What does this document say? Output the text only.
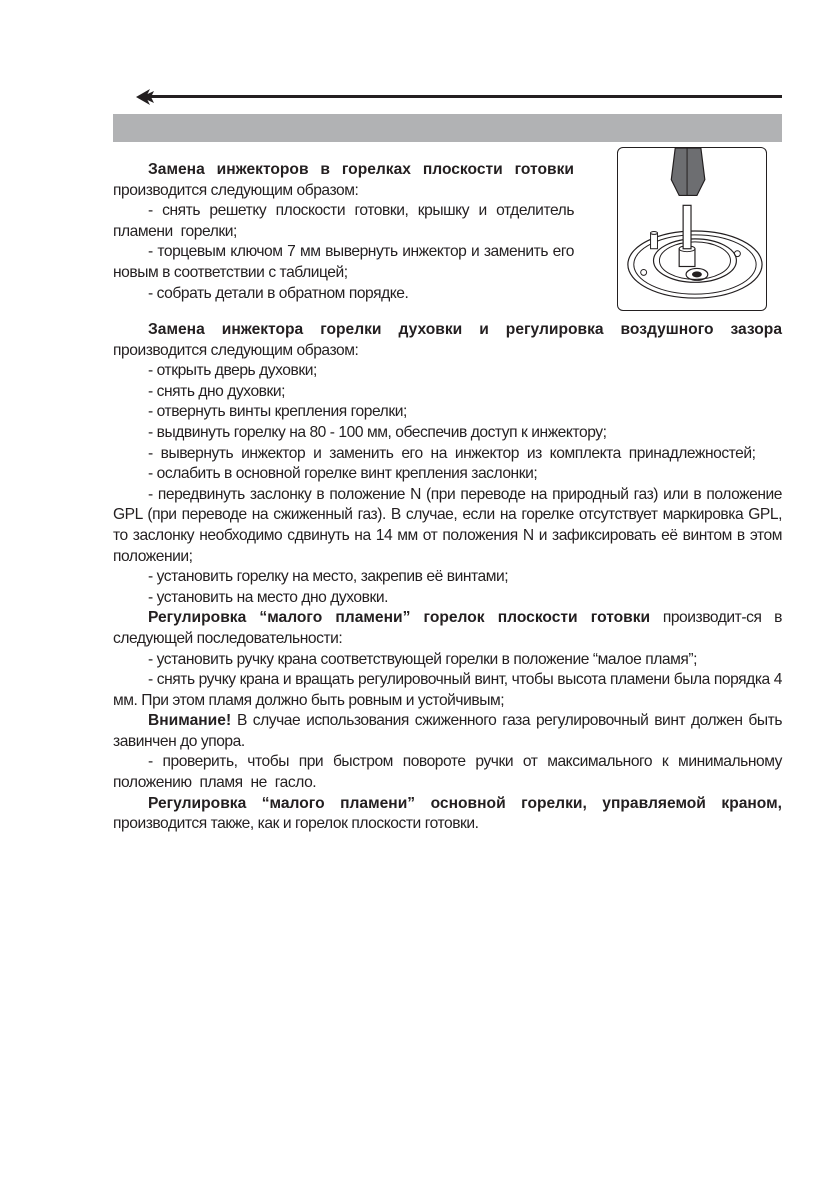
Замена инжекторов в горелках плоскости готовки производится следующим образом:

- снять решетку плоскости готовки, крышку и отделитель пламени горелки;

- торцевым ключом 7 мм вывернуть инжектор и заменить его новым в соответствии с таблицей;

- собрать детали в обратном порядке.

Замена инжектора горелки духовки и регулировка воздушного зазора производится следующим образом:

- открыть дверь духовки;

- снять дно духовки;

- отвернуть винты крепления горелки;

- выдвинуть горелку на 80 - 100 мм, обеспечив доступ к инжектору;

- вывернуть инжектор и заменить его на инжектор из комплекта принадлежностей;

- ослабить в основной горелке винт крепления заслонки;

- передвинуть заслонку в положение N (при переводе на природный газ) или в положение GPL (при переводе на сжиженный газ). В случае, если на горелке отсутствует маркировка GPL, то заслонку необходимо сдвинуть на 14 мм от положения N и зафиксировать её винтом в этом положении;

- установить горелку на место, закрепив её винтами;

- установить на место дно духовки.

Регулировка “малого пламени” горелок плоскости готовки производит-ся в следующей последовательности:

- установить ручку крана соответствующей горелки в положение “малое пламя”;

- снять ручку крана и вращать регулировочный винт, чтобы высота пламени была порядка 4 мм. При этом пламя должно быть ровным и устойчивым;

Внимание! В случае использования сжиженного газа регулировочный винт должен быть завинчен до упора.

- проверить, чтобы при быстром повороте ручки от максимального к минимальному положению пламя не гасло.

Регулировка “малого пламени” основной горелки, управляемой краном, производится также, как и горелок плоскости готовки.
